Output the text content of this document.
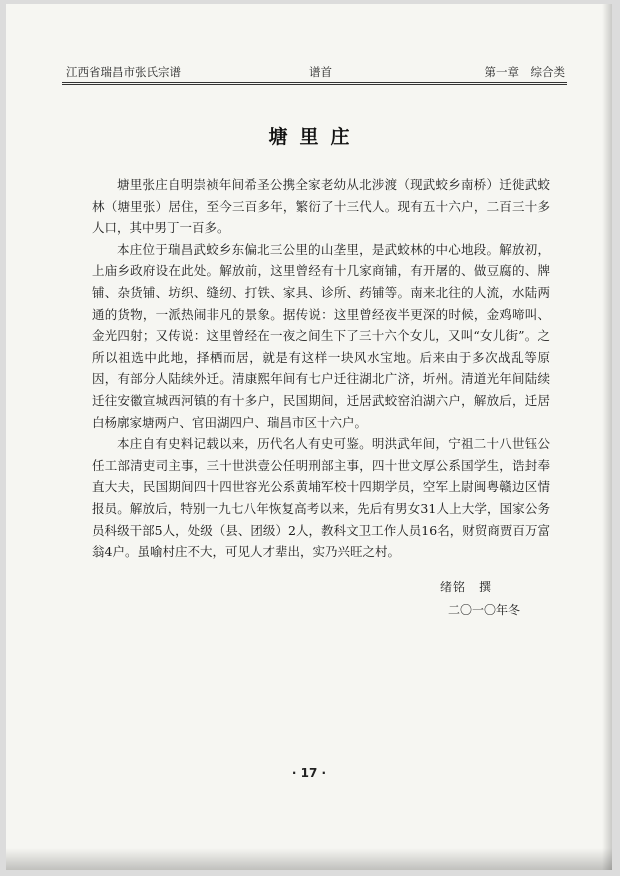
江西省瑞昌市张氏宗谱	谱首	第一章　综合类
塘里庄

塘里张庄自明崇祯年间希圣公携全家老幼从北涉渡（现武蛟乡南桥）迁徙武蛟林（塘里张）居住，至今三百多年，繁衍了十三代人。现有五十六户，二百三十多人口，其中男丁一百多。

本庄位于瑞昌武蛟乡东偏北三公里的山垄里，是武蛟林的中心地段。解放初，上庙乡政府设在此处。解放前，这里曾经有十几家商铺，有开屠的、做豆腐的、牌铺、杂货铺、坊织、缝纫、打铁、家具、诊所、药铺等。南来北往的人流，水陆两通的货物，一派热闹非凡的景象。据传说：这里曾经夜半更深的时候，金鸡啼叫、金光四射；又传说：这里曾经在一夜之间生下了三十六个女儿，又叫“女儿街”。之所以祖选中此地，择栖而居，就是有这样一块风水宝地。后来由于多次战乱等原因，有部分人陆续外迁。清康熙年间有七户迁往湖北广济，圻州。清道光年间陆续迁往安徽宣城西河镇的有十多户，民国期间，迁居武蛟窑泊湖六户，解放后，迁居白杨廓家塘两户、官田湖四户、瑞昌市区十六户。

本庄自有史料记载以来，历代名人有史可鉴。明洪武年间，宁祖二十八世钰公任工部清吏司主事，三十世洪壹公任明刑部主事，四十世文厚公系国学生，诰封奉直大夫，民国期间四十四世容光公系黄埔军校十四期学员，空军上尉闽粤赣边区情报员。解放后，特别一九七八年恢复高考以来，先后有男女31人上大学，国家公务员科级干部5人，处级（县、团级）2人，教科文卫工作人员16名，财贸商贾百万富翁4户。虽喻村庄不大，可见人才辈出，实乃兴旺之村。

绪铭　撰
二〇一〇年冬
· 17 ·
